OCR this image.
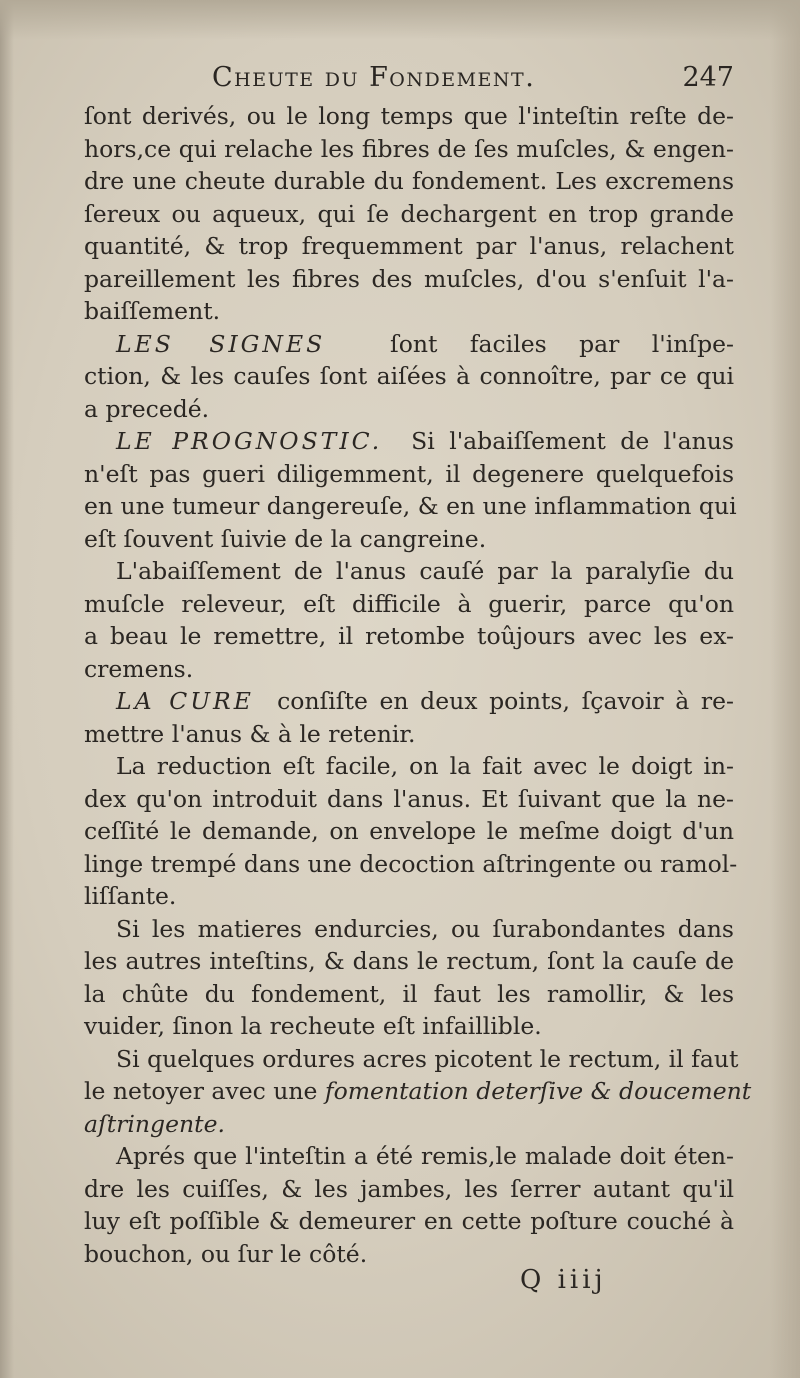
Cheute du Fondement.	247
ſont derivés, ou le long temps que l'inteſtin reſte de-
hors,ce qui relache les fibres de ſes muſcles, & engen-
dre une cheute durable du fondement. Les excremens
ſereux ou aqueux, qui ſe dechargent en trop grande
quantité, & trop frequemment par l'anus, relachent
pareillement les fibres des muſcles, d'ou s'enſuit l'a-
baiſſement.
LES SIGNES	ſont faciles par l'inſpe-
ction, & les cauſes ſont aiſées à connoître, par ce qui
a precedé.
LE PROGNOSTIC. Si l'abaiſſement de l'anus
n'eſt pas gueri diligemment, il degenere quelquefois
en une tumeur dangereuſe, & en une inflammation qui
eſt ſouvent ſuivie de la cangreine.
L'abaiſſement de l'anus cauſé par la paralyſie du
muſcle releveur, eſt difficile à guerir, parce qu'on
a beau le remettre, il retombe toûjours avec les ex-
cremens.
LA CURE conſiſte en deux points, ſçavoir à re-
mettre l'anus & à le retenir.
La reduction eſt facile, on la fait avec le doigt in-
dex qu'on introduit dans l'anus. Et ſuivant que la ne-
ceſſité le demande, on envelope le meſme doigt d'un
linge trempé dans une decoction aſtringente ou ramol-
liſſante.
Si les matieres endurcies, ou ſurabondantes dans
les autres inteſtins, & dans le rectum, ſont la cauſe de
la chûte du fondement, il faut les ramollir, & les
vuider, ſinon la recheute eſt infaillible.
Si quelques ordures acres picotent le rectum, il faut
le netoyer avec une fomentation deterſive & doucement
aſtringente.
Aprés que l'inteſtin a été remis,le malade doit éten-
dre les cuiſſes, & les jambes, les ſerrer autant qu'il
luy eſt poſſible & demeurer en cette poſture couché à
bouchon, ou ſur le côté.
Q iiij
